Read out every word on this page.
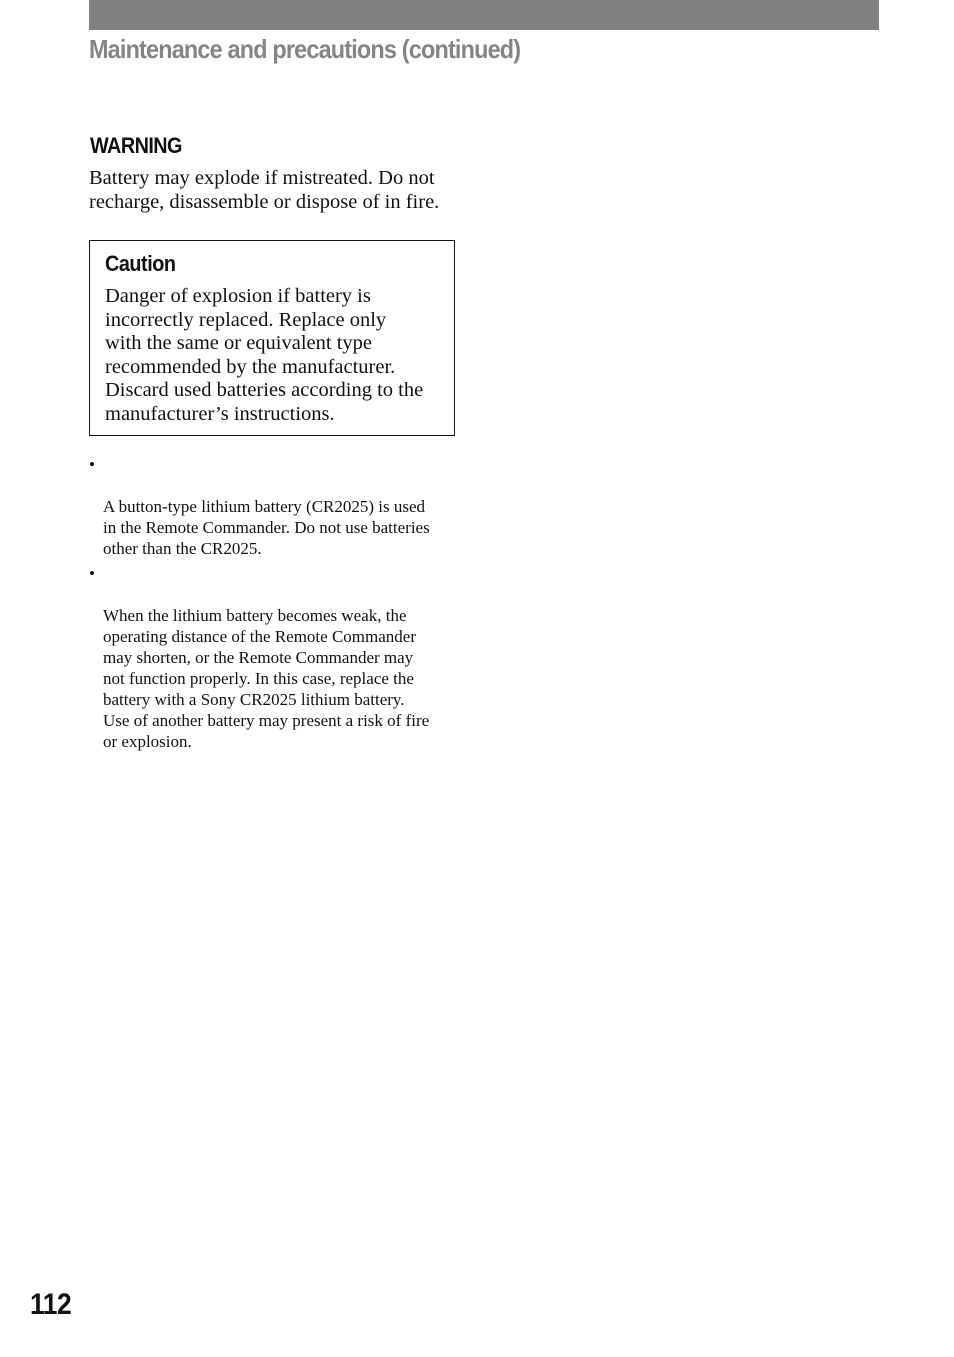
Maintenance and precautions (continued)
WARNING

Battery may explode if mistreated. Do not
recharge, disassemble or dispose of in fire.

Caution

Danger of explosion if battery is
incorrectly replaced. Replace only
with the same or equivalent type
recommended by the manufacturer.
Discard used batteries according to the
manufacturer’s instructions.

•

A button-type lithium battery (CR2025) is used
in the Remote Commander. Do not use batteries
other than the CR2025.

•

When the lithium battery becomes weak, the
operating distance of the Remote Commander
may shorten, or the Remote Commander may
not function properly. In this case, replace the
battery with a Sony CR2025 lithium battery.
Use of another battery may present a risk of fire
or explosion.

112
